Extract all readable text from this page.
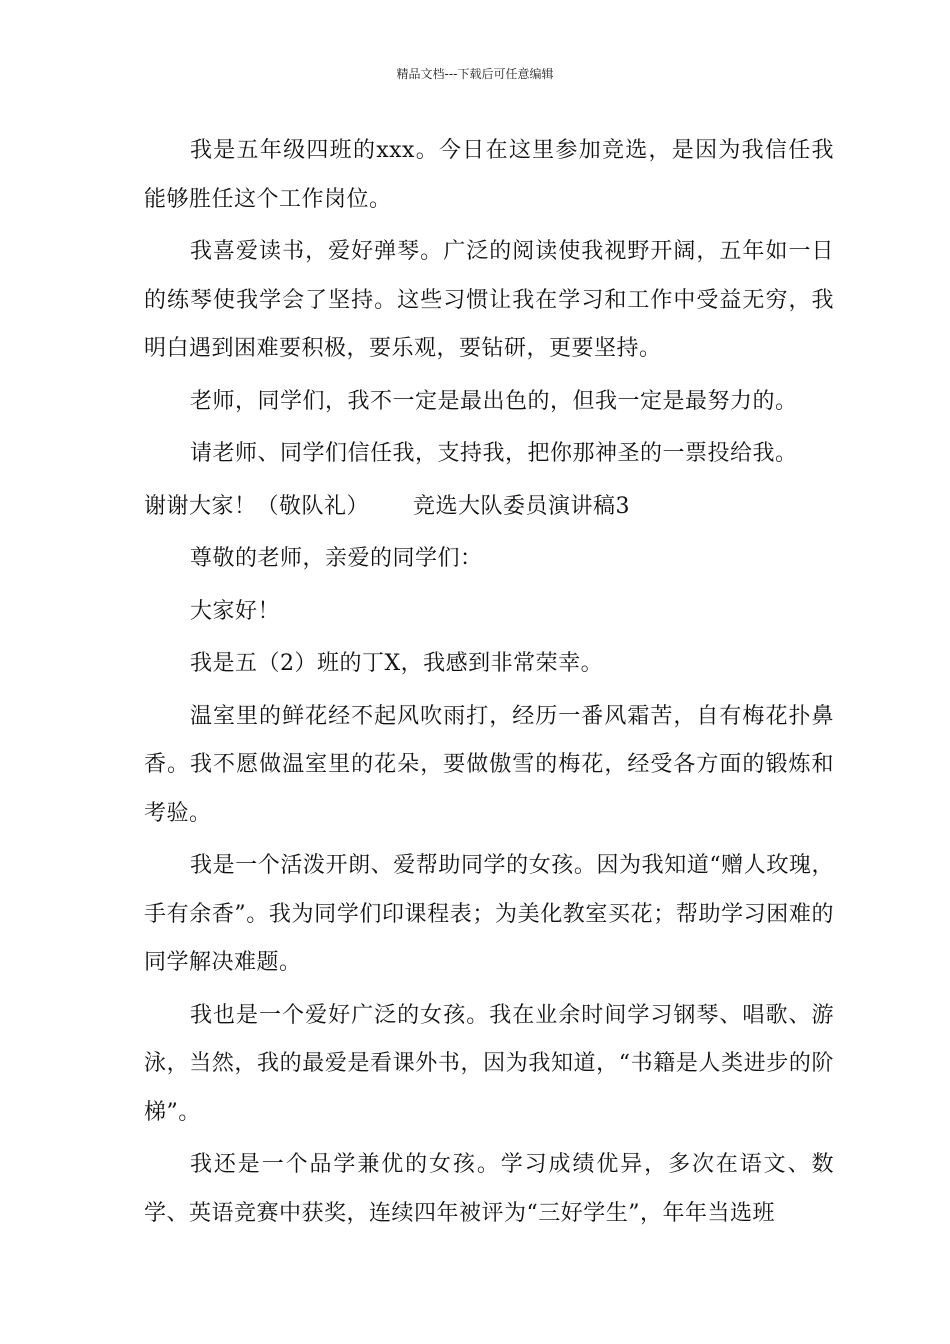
精品文档---下载后可任意编辑

我是五年级四班的xxx。今日在这里参加竞选，是因为我信任我能够胜任这个工作岗位。

我喜爱读书，爱好弹琴。广泛的阅读使我视野开阔，五年如一日的练琴使我学会了坚持。这些习惯让我在学习和工作中受益无穷，我明白遇到困难要积极，要乐观，要钻研，更要坚持。

老师，同学们，我不一定是最出色的，但我一定是最努力的。

请老师、同学们信任我，支持我，把你那神圣的一票投给我。

谢谢大家！（敬队礼） 竞选大队委员演讲稿3

尊敬的老师，亲爱的同学们：

大家好！

我是五（2）班的丁X，我感到非常荣幸。

温室里的鲜花经不起风吹雨打，经历一番风霜苦，自有梅花扑鼻香。我不愿做温室里的花朵，要做傲雪的梅花，经受各方面的锻炼和考验。

我是一个活泼开朗、爱帮助同学的女孩。因为我知道“赠人玫瑰，手有余香”。我为同学们印课程表；为美化教室买花；帮助学习困难的同学解决难题。

我也是一个爱好广泛的女孩。我在业余时间学习钢琴、唱歌、游泳，当然，我的最爱是看课外书，因为我知道，“书籍是人类进步的阶梯”。

我还是一个品学兼优的女孩。学习成绩优异，多次在语文、数学、英语竞赛中获奖，连续四年被评为“三好学生”，年年当选班
